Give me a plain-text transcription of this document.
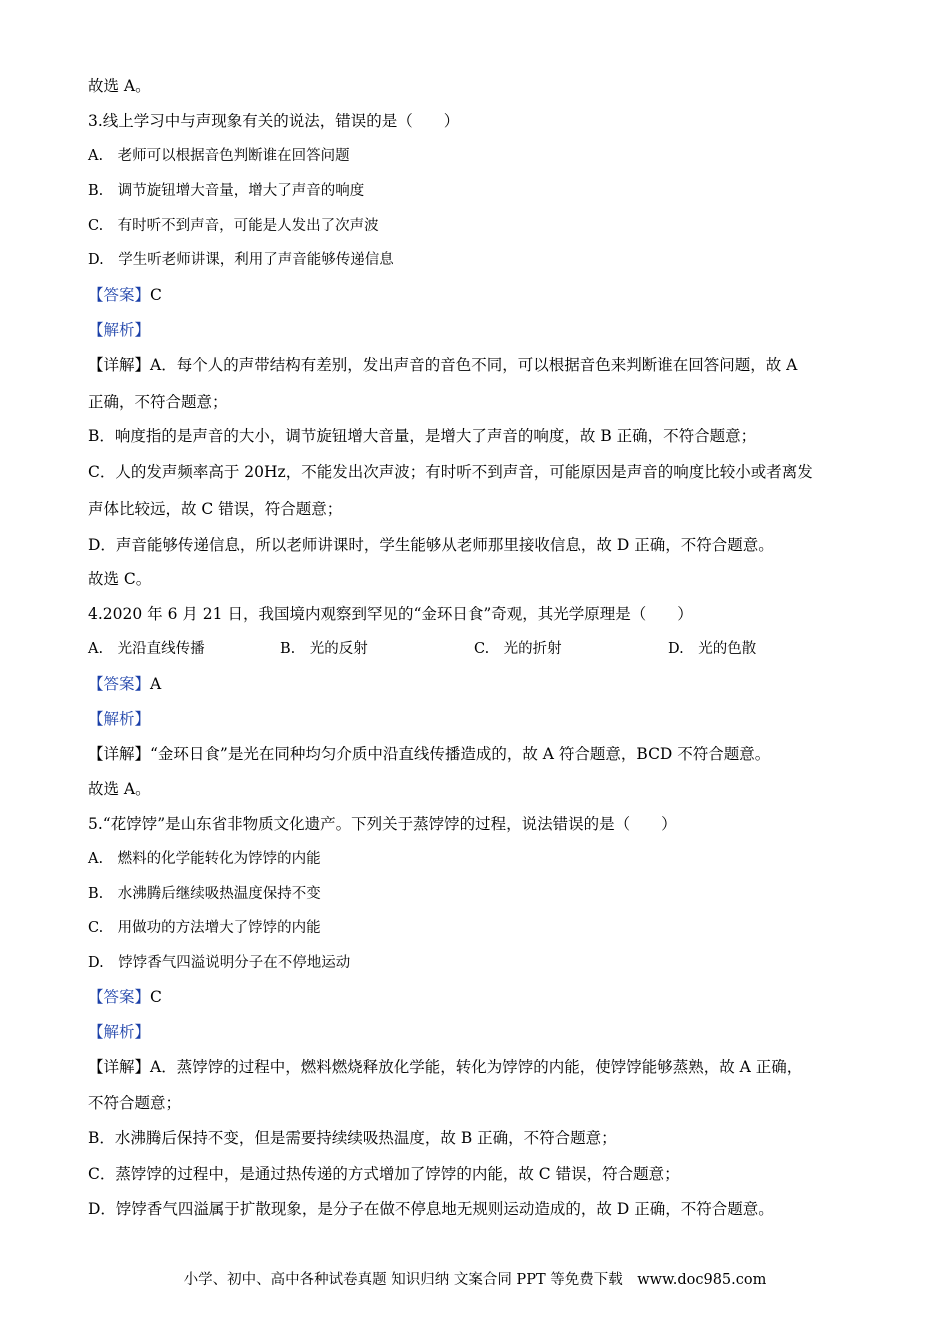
故选 A。
3.线上学习中与声现象有关的说法，错误的是（　　）
A.　老师可以根据音色判断谁在回答问题
B.　调节旋钮增大音量，增大了声音的响度
C.　有时听不到声音，可能是人发出了次声波
D.　学生听老师讲课，利用了声音能够传递信息
【答案】C
【解析】
【详解】A．每个人的声带结构有差别，发出声音的音色不同，可以根据音色来判断谁在回答问题，故 A
正确，不符合题意；
B．响度指的是声音的大小，调节旋钮增大音量，是增大了声音的响度，故 B 正确，不符合题意；
C．人的发声频率高于 20Hz，不能发出次声波；有时听不到声音，可能原因是声音的响度比较小或者离发
声体比较远，故 C 错误，符合题意；
D．声音能够传递信息，所以老师讲课时，学生能够从老师那里接收信息，故 D 正确，不符合题意。
故选 C。
4.2020 年 6 月 21 日，我国境内观察到罕见的“金环日食”奇观，其光学原理是（　　）
A.　光沿直线传播	B.　光的反射	C.　光的折射	D.　光的色散
【答案】A
【解析】
【详解】“金环日食”是光在同种均匀介质中沿直线传播造成的，故 A 符合题意，BCD 不符合题意。
故选 A。
5.“花饽饽”是山东省非物质文化遗产。下列关于蒸饽饽的过程，说法错误的是（　　）
A.　燃料的化学能转化为饽饽的内能
B.　水沸腾后继续吸热温度保持不变
C.　用做功的方法增大了饽饽的内能
D.　饽饽香气四溢说明分子在不停地运动
【答案】C
【解析】
【详解】A．蒸饽饽的过程中，燃料燃烧释放化学能，转化为饽饽的内能，使饽饽能够蒸熟，故 A 正确，
不符合题意；
B．水沸腾后保持不变，但是需要持续续吸热温度，故 B 正确，不符合题意；
C．蒸饽饽的过程中，是通过热传递的方式增加了饽饽的内能，故 C 错误，符合题意；
D．饽饽香气四溢属于扩散现象，是分子在做不停息地无规则运动造成的，故 D 正确，不符合题意。
小学、初中、高中各种试卷真题 知识归纳 文案合同 PPT 等免费下载　www.doc985.com
